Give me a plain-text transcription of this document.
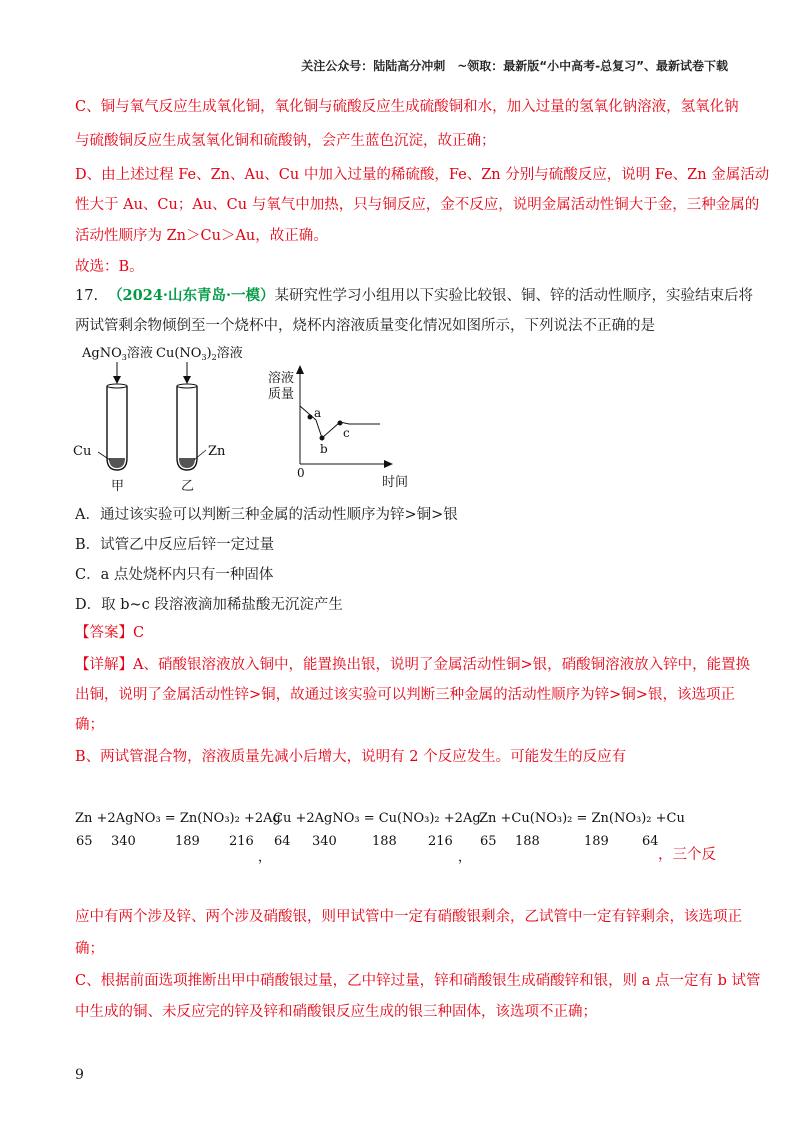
关注公众号：陆陆高分冲刺　~领取：最新版“小中高考-总复习”、最新试卷下载
C、铜与氧气反应生成氧化铜，氧化铜与硫酸反应生成硫酸铜和水，加入过量的氢氧化钠溶液，氢氧化钠
与硫酸铜反应生成氢氧化铜和硫酸钠，会产生蓝色沉淀，故正确；
D、由上述过程 Fe、Zn、Au、Cu 中加入过量的稀硫酸，Fe、Zn 分别与硫酸反应，说明 Fe、Zn 金属活动
性大于 Au、Cu；Au、Cu 与氧气中加热，只与铜反应，金不反应，说明金属活动性铜大于金，三种金属的
活动性顺序为 Zn＞Cu＞Au，故正确。
故选：B。
17. （2024·山东青岛·一模）某研究性学习小组用以下实验比较银、铜、锌的活动性顺序，实验结束后将
两试管剩余物倾倒至一个烧杯中，烧杯内溶液质量变化情况如图所示，下列说法不正确的是
AgNO$_3$溶液 $Cu(NO_3)_2$溶液
Cu
甲
Zn
乙
溶液
质量
a
b
c
0
时间
A．通过该实验可以判断三种金属的活动性顺序为锌>铜>银
B．试管乙中反应后锌一定过量
C．a 点处烧杯内只有一种固体
D．取 b~c 段溶液滴加稀盐酸无沉淀产生
【答案】C
【详解】A、硝酸银溶液放入铜中，能置换出银，说明了金属活动性铜>银，硝酸铜溶液放入锌中，能置换
出铜，说明了金属活动性锌>铜，故通过该实验可以判断三种金属的活动性顺序为锌>铜>银，该选项正
确；
B、两试管混合物，溶液质量先减小后增大，说明有 2 个反应发生。可能发生的反应有
Zn +2AgNO₃ = Zn(NO₃)₂ +2Ag
65 340	189 216
，
Cu +2AgNO₃ = Cu(NO₃)₂ +2Ag
64 340	188 216
，
Zn +Cu(NO₃)₂ = Zn(NO₃)₂ +Cu
65 188	189	64
，三个反
应中有两个涉及锌、两个涉及硝酸银，则甲试管中一定有硝酸银剩余，乙试管中一定有锌剩余，该选项正
确；
C、根据前面选项推断出甲中硝酸银过量，乙中锌过量，锌和硝酸银生成硝酸锌和银，则 a 点一定有 b 试管
中生成的铜、未反应完的锌及锌和硝酸银反应生成的银三种固体，该选项不正确；
9
